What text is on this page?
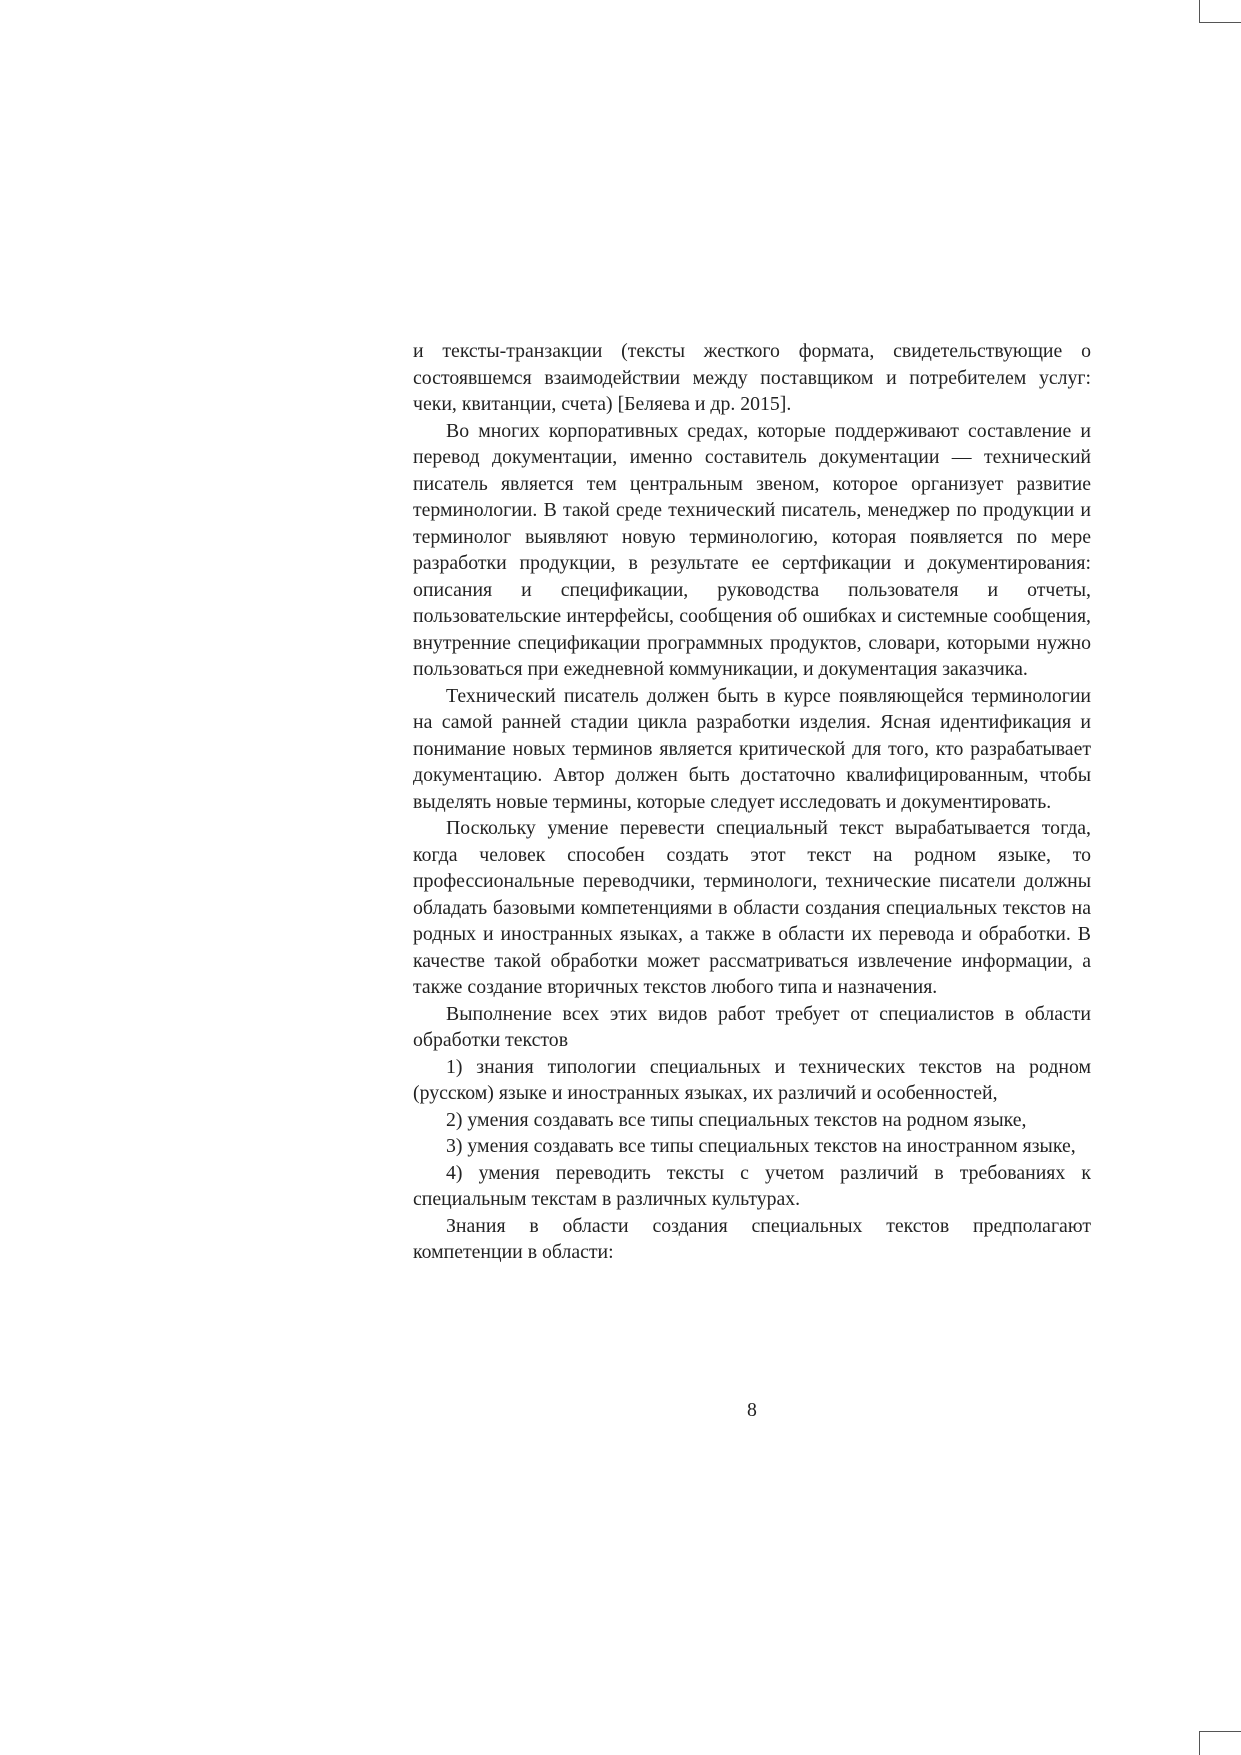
и тексты-транзакции (тексты жесткого формата, свидетельствующие о состоявшемся взаимодействии между поставщиком и потребителем услуг: чеки, квитанции, счета) [Беляева и др. 2015].

Во многих корпоративных средах, которые поддерживают составление и перевод документации, именно составитель документации — технический писатель является тем центральным звеном, которое организует развитие терминологии. В такой среде технический писатель, менеджер по продукции и терминолог выявляют новую терминологию, которая появляется по мере разработки продукции, в результате ее сертфикации и документирования: описания и спецификации, руководства пользователя и отчеты, пользовательские интерфейсы, сообщения об ошибках и системные сообщения, внутренние спецификации программных продуктов, словари, которыми нужно пользоваться при ежедневной коммуникации, и документация заказчика.

Технический писатель должен быть в курсе появляющейся терминологии на самой ранней стадии цикла разработки изделия. Ясная идентификация и понимание новых терминов является критической для того, кто разрабатывает документацию. Автор должен быть достаточно квалифицированным, чтобы выделять новые термины, которые следует исследовать и документировать.

Поскольку умение перевести специальный текст вырабатывается тогда, когда человек способен создать этот текст на родном языке, то профессиональные переводчики, терминологи, технические писатели должны обладать базовыми компетенциями в области создания специальных текстов на родных и иностранных языках, а также в области их перевода и обработки. В качестве такой обработки может рассматриваться извлечение информации, а также создание вторичных текстов любого типа и назначения.

Выполнение всех этих видов работ требует от специалистов в области обработки текстов

1) знания типологии специальных и технических текстов на родном (русском) языке и иностранных языках, их различий и особенностей,

2) умения создавать все типы специальных текстов на родном языке,

3) умения создавать все типы специальных текстов на иностранном языке,

4) умения переводить тексты с учетом различий в требованиях к специальным текстам в различных культурах.

Знания в области создания специальных текстов предполагают компетенции в области:

8
